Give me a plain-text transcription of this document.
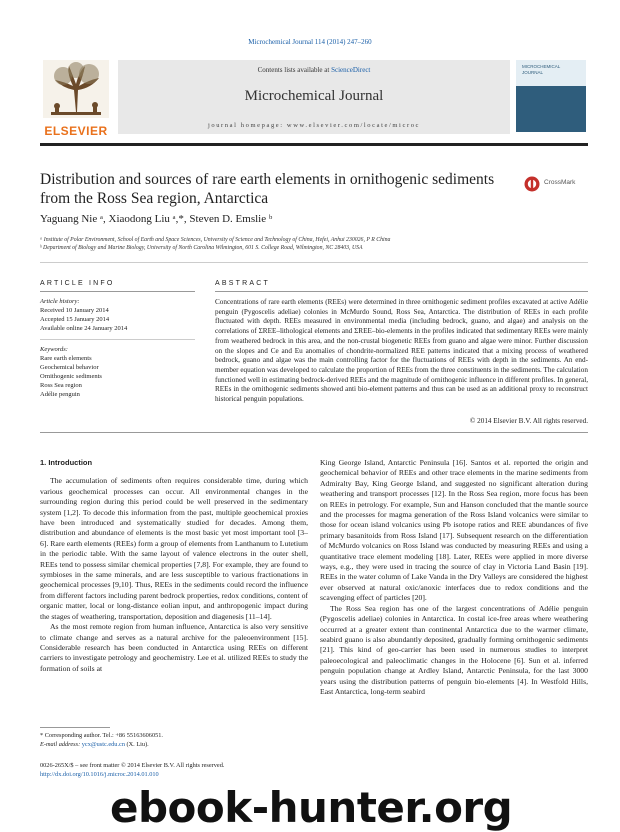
Microchemical Journal 114 (2014) 247–260
ELSEVIER
Contents lists available at ScienceDirect
Microchemical Journal
journal homepage: www.elsevier.com/locate/microc
MICROCHEMICAL JOURNAL
Distribution and sources of rare earth elements in ornithogenic sediments from the Ross Sea region, Antarctica
CrossMark
Yaguang Nie ᵃ, Xiaodong Liu ᵃ,*, Steven D. Emslie ᵇ
ᵃ Institute of Polar Environment, School of Earth and Space Sciences, University of Science and Technology of China, Hefei, Anhui 230026, P R China
ᵇ Department of Biology and Marine Biology, University of North Carolina Wilmington, 601 S. College Road, Wilmington, NC 28403, USA
ARTICLE INFO	ABSTRACT
Article history:
Received 10 January 2014
Accepted 15 January 2014
Available online 24 January 2014
Keywords:
Rare earth elements
Geochemical behavior
Ornithogenic sediments
Ross Sea region
Adélie penguin
Concentrations of rare earth elements (REEs) were determined in three ornithogenic sediment profiles excavated at active Adélie penguin (Pygoscelis adeliae) colonies in McMurdo Sound, Ross Sea, Antarctica. The distribution of REEs in each profile fluctuated with depth. REEs measured in environmental media (including bedrock, guano, and algae) and analysis on the correlations of ΣREE–lithological elements and ΣREE–bio-elements in the profiles indicated that sedimentary REEs were mainly from weathered bedrock in this area, and the non-crustal biogenetic REEs from guano and algae were minor. Further discussion on the slopes and Ce and Eu anomalies of chondrite-normalized REE patterns indicated that a mixing process of weathered bedrock, guano and algae was the main controlling factor for the fluctuations of REEs with depth in the sediments. An end-member equation was developed to calculate the proportion of REEs from the three constituents in the sediments. The calculation functioned well in estimating bedrock-derived REEs and the magnitude of ornithogenic influence in different profiles. In general, REEs in the ornithogenic sediments showed anti bio-element patterns and thus can be used as an additional proxy to reconstruct historical penguin populations.
© 2014 Elsevier B.V. All rights reserved.
1. Introduction

The accumulation of sediments often requires considerable time, during which various geochemical processes can occur. All environmental changes in the surrounding region during this period could be well preserved in the sedimentary system [1,2]. To decode this information from the past, multiple geochemical proxies have been introduced and systematically studied for decades. Among them, distribution and abundance of elements is the most basic yet most important tool [3–6]. Rare earth elements (REEs) form a group of elements from Lanthanum to Lutetium in the periodic table. With the same layout of valence electrons in the outer shell, REEs tend to possess similar chemical properties [7,8]. For example, they are found to symbioses in the same minerals, and are less susceptible to various fractionations in geochemical processes [9,10]. Thus, REEs in the sediments could record the influence from different factors including parent bedrock properties, redox conditions, content of organic matter, local or long-distance eolian input, and anthropogenic impact during the stages of weathering, transportation, deposition and diagenesis [11–14].

As the most remote region from human influence, Antarctica is also very sensitive to climate change and serves as a natural archive for the paleoenvironment [15]. Considerable research has been conducted in Antarctica using REEs on different carriers to investigate petrology and geochemistry. Lee et al. utilized REEs to study the formation of soils at

King George Island, Antarctic Peninsula [16]. Santos et al. reported the origin and geochemical behavior of REEs and other trace elements in the marine sediments from Admiralty Bay, King George Island, and suggested no significant alteration during weathering and transport processes [12]. In the Ross Sea region, more focus has been on REEs in petrology. For example, Sun and Hanson concluded that the mantle source and the processes for magma generation of the Ross Island volcanics were similar to those for ocean island volcanics using Pb isotope ratios and REE abundances of five primary basanitoids from Ross Island [17]. Subsequent research on the differentiation of McMurdo volcanics on Ross Island was conducted by measuring REEs and using a quantitative trace element modeling [18]. Later, REEs were applied in more diverse ways, e.g., they were used in tracing the source of clay in Victoria Land Basin [19]. REEs in the water column of Lake Vanda in the Dry Valleys are considered the highest ever observed at natural oxic/anoxic interfaces due to redox conditions and the scavenging effect of particles [20].

The Ross Sea region has one of the largest concentrations of Adélie penguin (Pygoscelis adeliae) colonies in Antarctica. In costal ice-free areas where weathering occurred at a greater extent than continental Antarctica due to the warmer climate, seabird guano is also abundantly deposited, gradually forming ornithogenic sediments [21]. This kind of geo-carrier has been used in numerous studies to interpret paleoecological and paleoclimatic changes in the Holocene [6]. Sun et al. inferred penguin population change at Ardley Island, Antarctic Peninsula, for the last 3000 years using the distribution patterns of penguin bio-elements [4]. In Westfold Hills, East Antarctica, long-term seabird

* Corresponding author. Tel.: +86 55163606051.
E-mail address: ycx@ustc.edu.cn (X. Liu).
0026-265X/$ – see front matter © 2014 Elsevier B.V. All rights reserved.
http://dx.doi.org/10.1016/j.microc.2014.01.010
ebook-hunter.org
